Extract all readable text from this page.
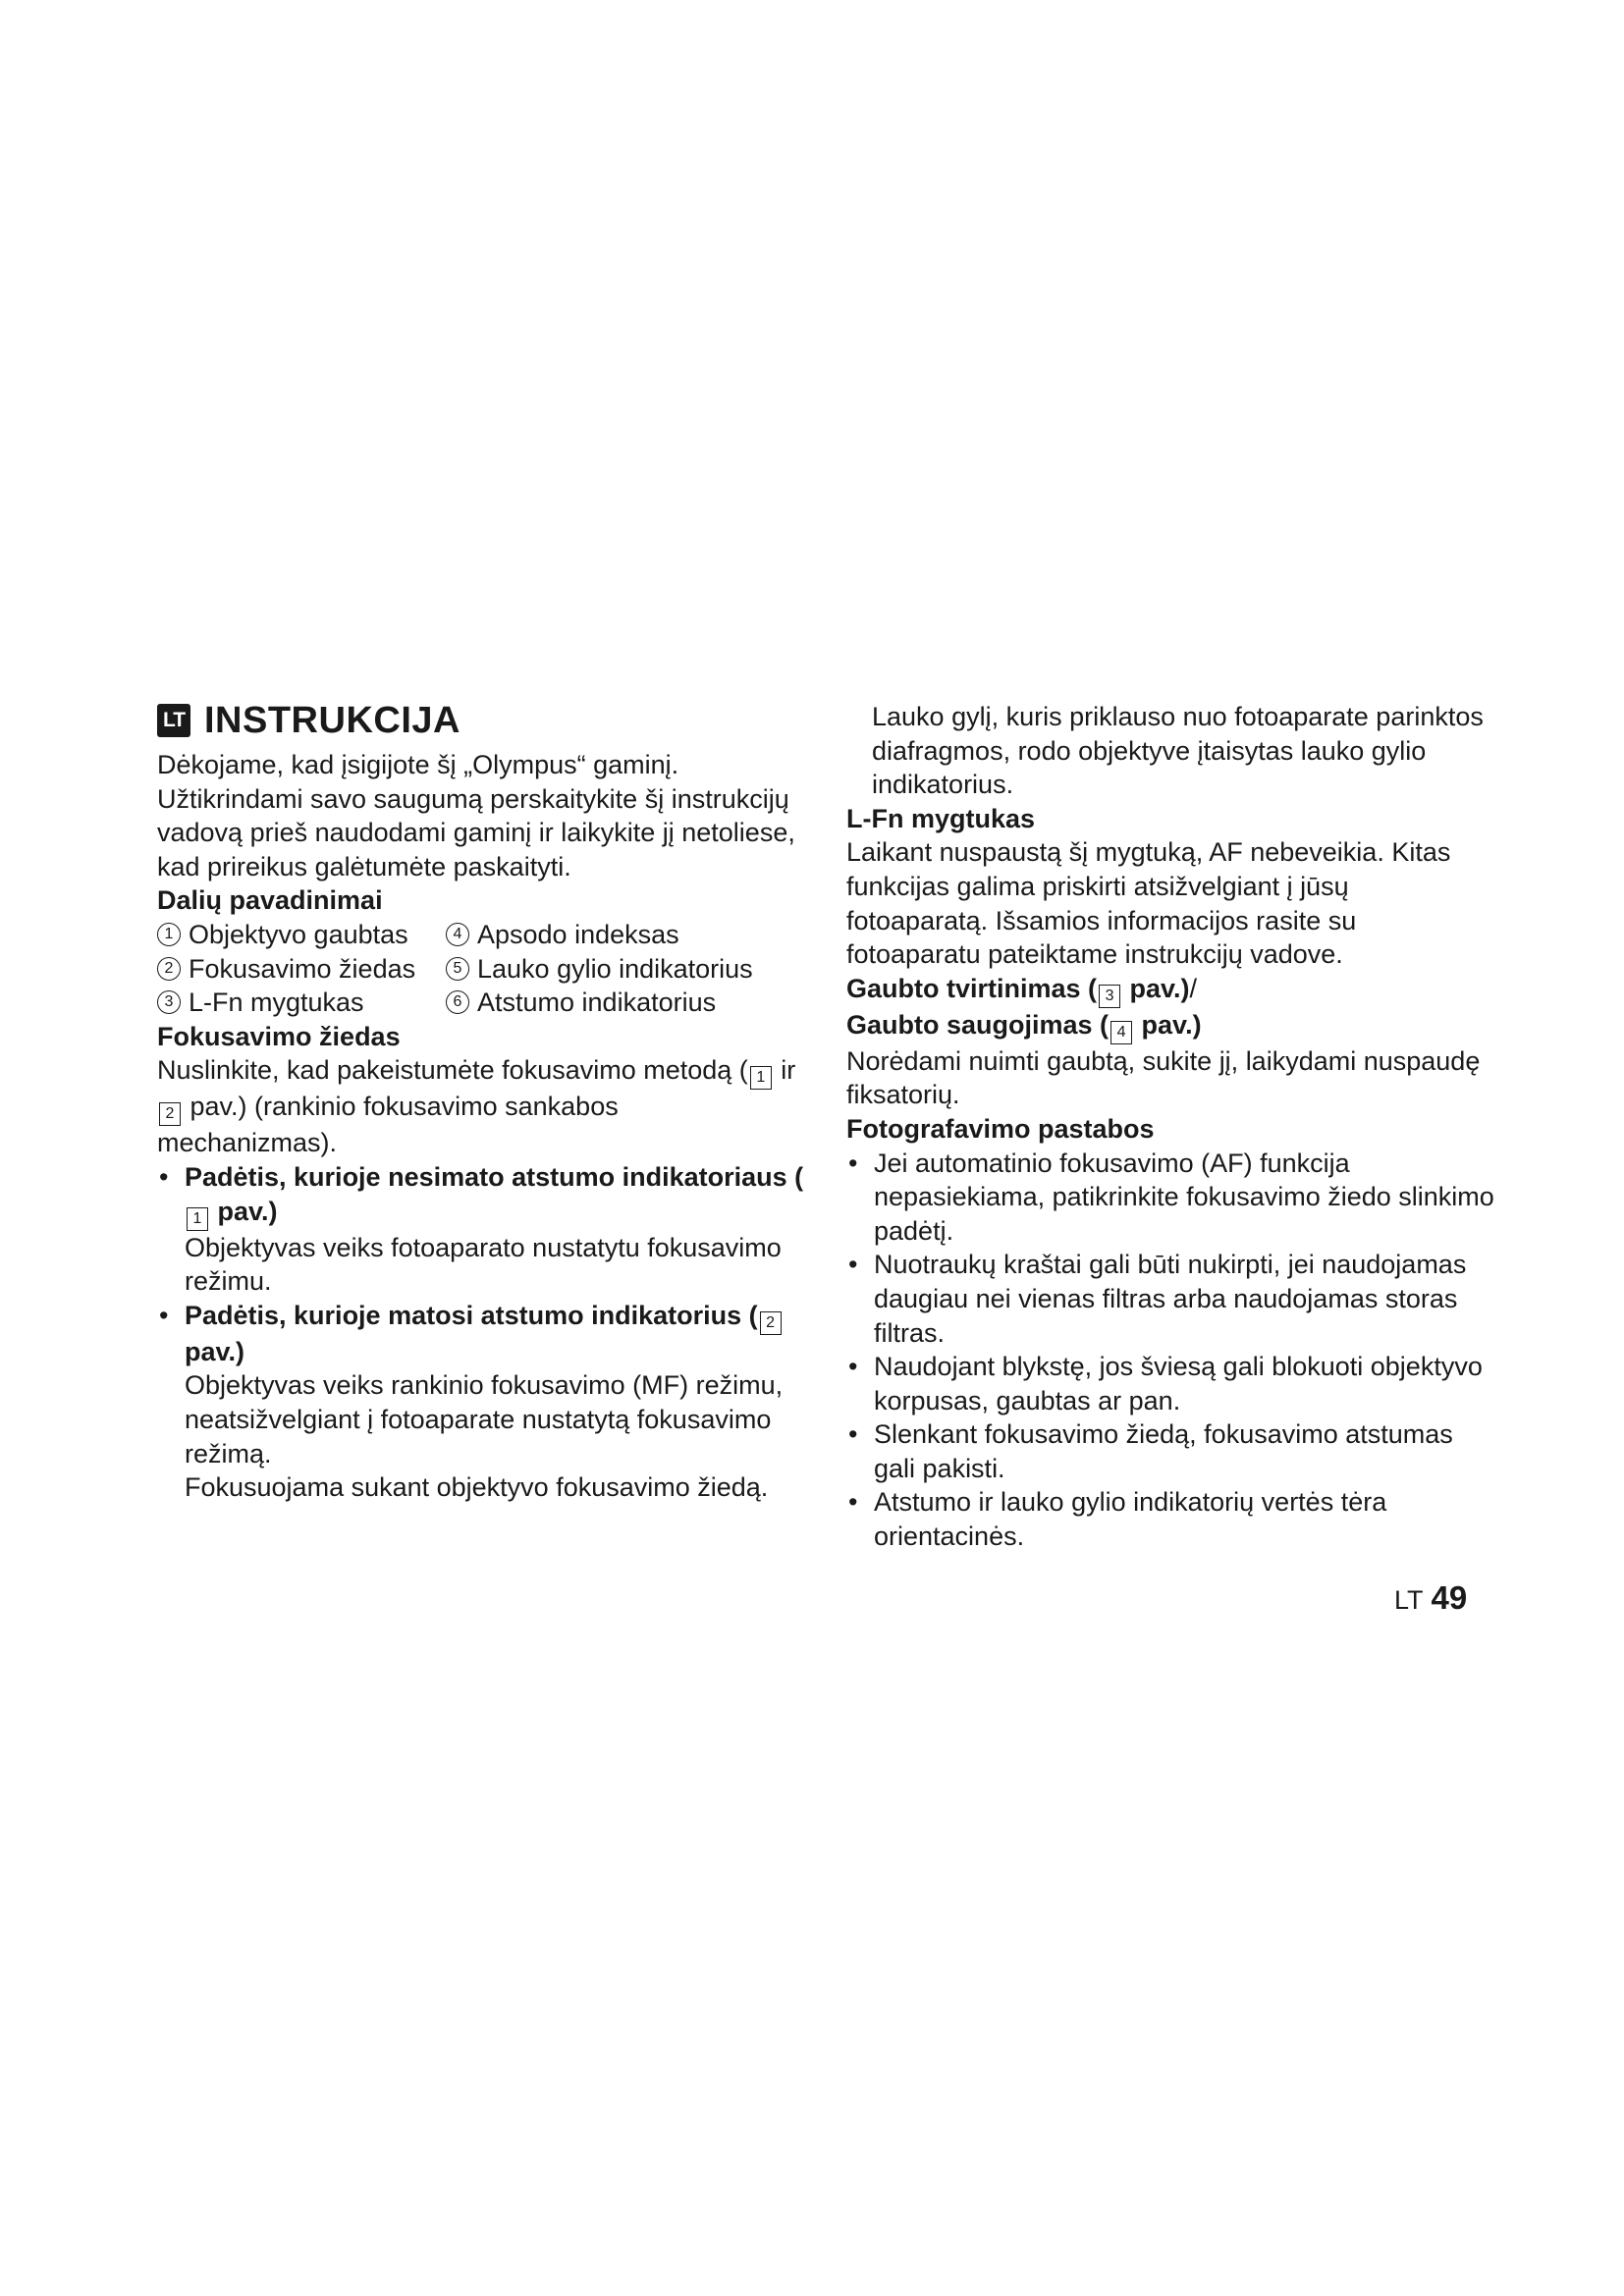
LT INSTRUKCIJA

Dėkojame, kad įsigijote šį „Olympus“ gaminį. Užtikrindami savo saugumą perskaitykite šį instrukcijų vadovą prieš naudodami gaminį ir laikykite jį netoliese, kad prireikus galėtumėte paskaityti.

Dalių pavadinimai
1 Objektyvo gaubtas	4 Apsodo indeksas
2 Fokusavimo žiedas	5 Lauko gylio indikatorius
3 L-Fn mygtukas	6 Atstumo indikatorius
Fokusavimo žiedas

Nuslinkite, kad pakeistumėte fokusavimo metodą ( 1 ir 2 pav.) (rankinio fokusavimo sankabos mechanizmas).

• Padėtis, kurioje nesimato atstumo indikatoriaus (1 pav.)

Objektyvas veiks fotoaparato nustatytu fokusavimo režimu.

• Padėtis, kurioje matosi atstumo indikatorius ( 2 pav.)

Objektyvas veiks rankinio fokusavimo (MF) režimu, neatsižvelgiant į fotoaparate nustatytą fokusavimo režimą.

Fokusuojama sukant objektyvo fokusavimo žiedą.

Lauko gylį, kuris priklauso nuo fotoaparate parinktos diafragmos, rodo objektyve įtaisytas lauko gylio indikatorius.

L-Fn mygtukas

Laikant nuspaustą šį mygtuką, AF nebeveikia. Kitas funkcijas galima priskirti atsižvelgiant į jūsų fotoaparatą. Išsamios informacijos rasite su fotoaparatu pateiktame instrukcijų vadove.

Gaubto tvirtinimas ( 3 pav.)/
Gaubto saugojimas ( 4 pav.)

Norėdami nuimti gaubtą, sukite jį, laikydami nuspaudę fiksatorių.

Fotografavimo pastabos
• Jei automatinio fokusavimo (AF) funkcija nepasiekiama, patikrinkite fokusavimo žiedo slinkimo padėtį.
• Nuotraukų kraštai gali būti nukirpti, jei naudojamas daugiau nei vienas filtras arba naudojamas storas filtras.
• Naudojant blykstę, jos šviesą gali blokuoti objektyvo korpusas, gaubtas ar pan.
• Slenkant fokusavimo žiedą, fokusavimo atstumas gali pakisti.
• Atstumo ir lauko gylio indikatorių vertės tėra orientacinės.
LT 49
